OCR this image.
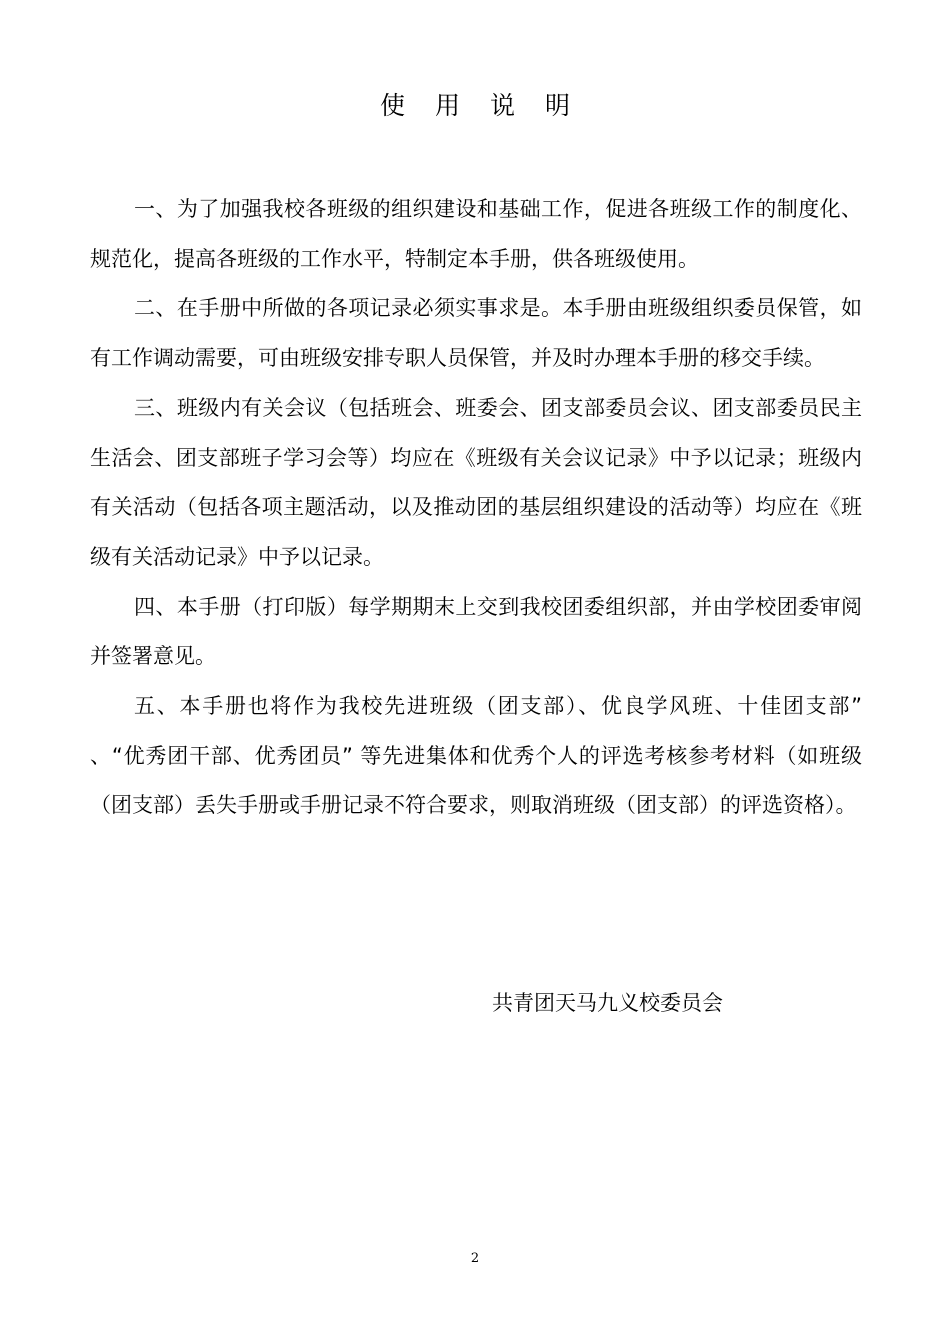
使用说明

一、为了加强我校各班级的组织建设和基础工作，促进各班级工作的制度化、规范化，提高各班级的工作水平，特制定本手册，供各班级使用。

二、在手册中所做的各项记录必须实事求是。本手册由班级组织委员保管，如有工作调动需要，可由班级安排专职人员保管，并及时办理本手册的移交手续。

三、班级内有关会议（包括班会、班委会、团支部委员会议、团支部委员民主生活会、团支部班子学习会等）均应在《班级有关会议记录》中予以记录；班级内有关活动（包括各项主题活动，以及推动团的基层组织建设的活动等）均应在《班级有关活动记录》中予以记录。

四、本手册（打印版）每学期期末上交到我校团委组织部，并由学校团委审阅并签署意见。

五、本手册也将作为我校先进班级（团支部）、优良学风班、十佳团支部” 、“优秀团干部、优秀团员” 等先进集体和优秀个人的评选考核参考材料（如班级（团支部）丢失手册或手册记录不符合要求，则取消班级（团支部）的评选资格）。

共青团天马九义校委员会
2
